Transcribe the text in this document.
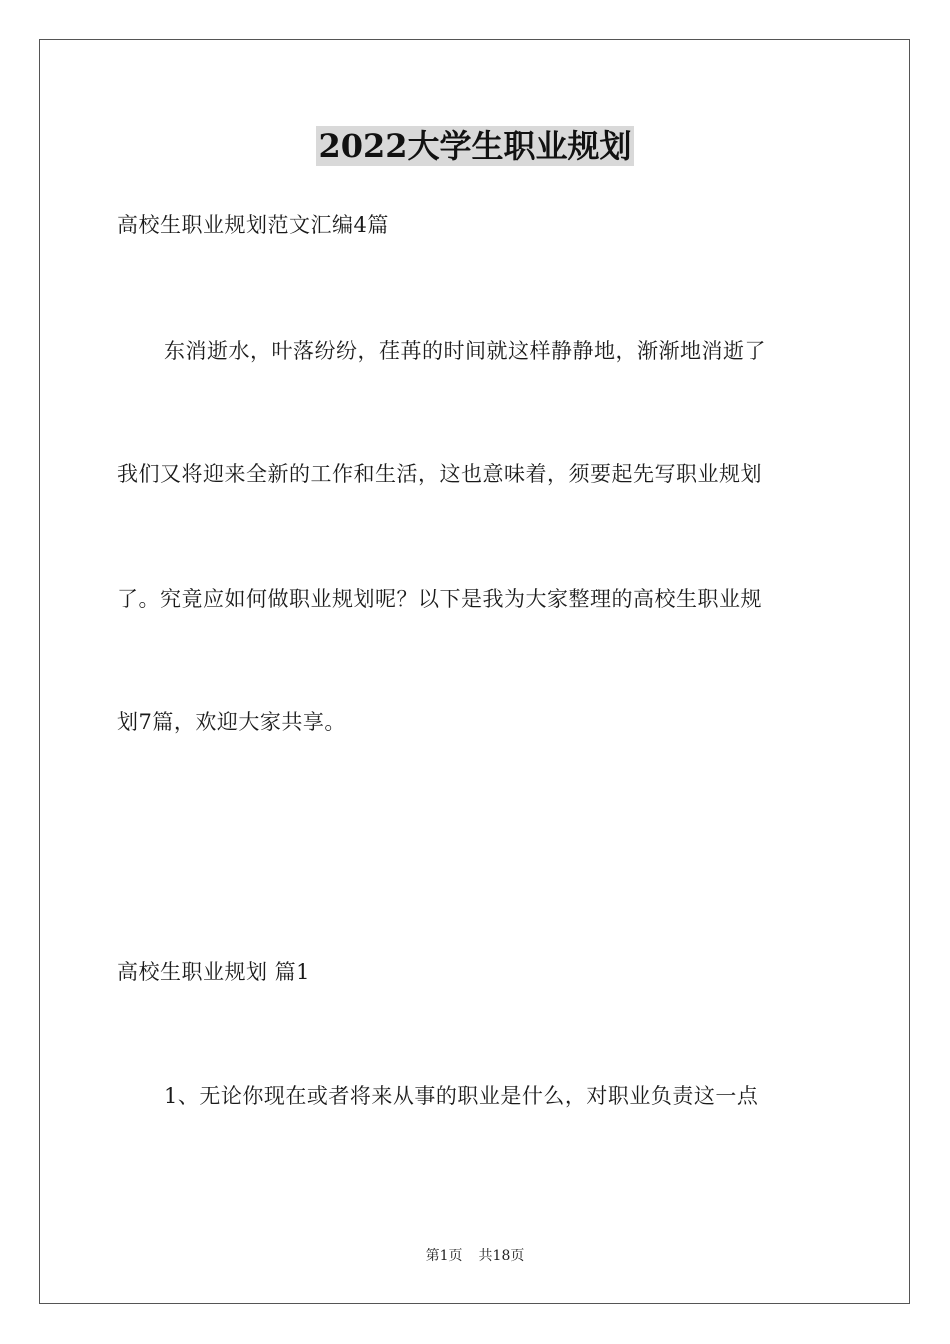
2022大学生职业规划
高校生职业规划范文汇编4篇
东消逝水，叶落纷纷，荏苒的时间就这样静静地，渐渐地消逝了
我们又将迎来全新的工作和生活，这也意味着，须要起先写职业规划
了。究竟应如何做职业规划呢？以下是我为大家整理的高校生职业规
划7篇，欢迎大家共享。
高校生职业规划 篇1
1、无论你现在或者将来从事的职业是什么，对职业负责这一点
第1页 共18页
